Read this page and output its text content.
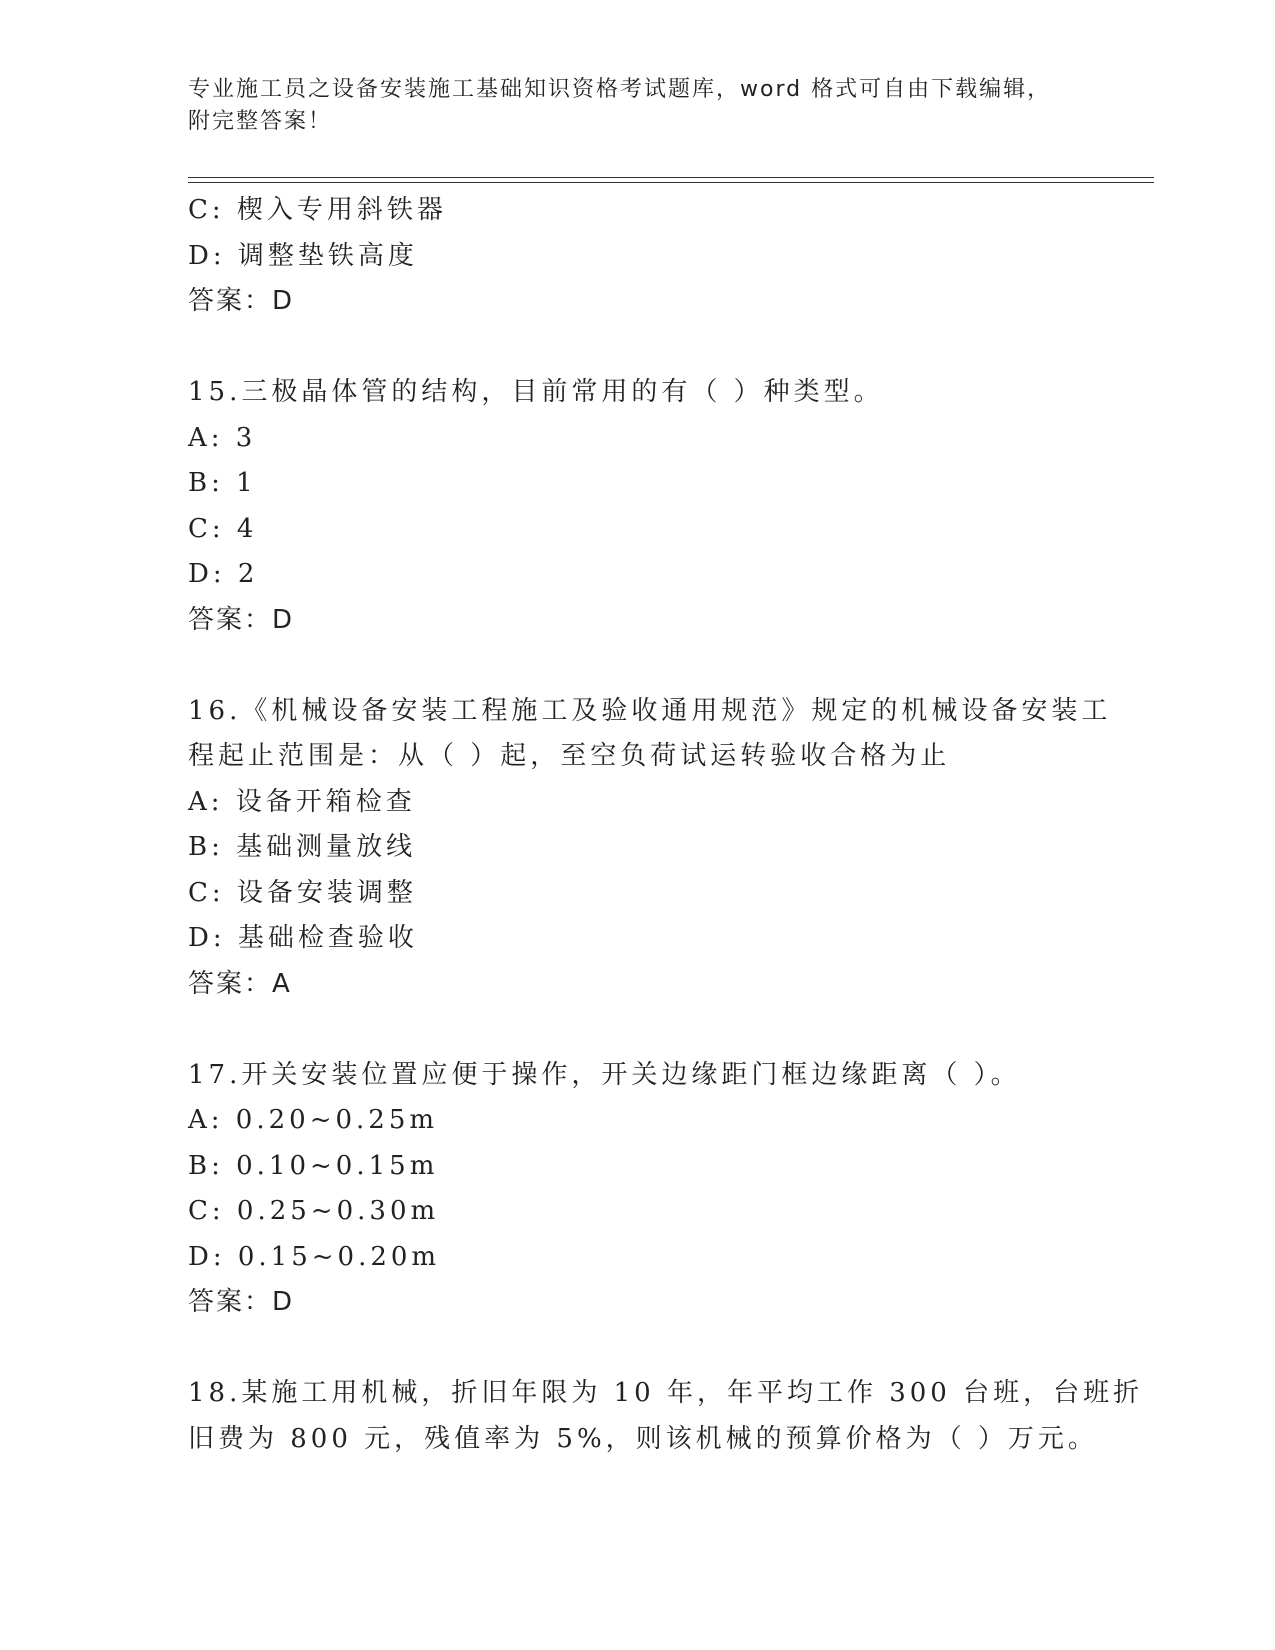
专业施工员之设备安装施工基础知识资格考试题库，word 格式可自由下载编辑，
附完整答案！
C: 楔入专用斜铁器
D: 调整垫铁高度
答案：D
15.三极晶体管的结构，目前常用的有（ ）种类型。
A: 3
B: 1
C: 4
D: 2
答案：D
16.《机械设备安装工程施工及验收通用规范》规定的机械设备安装工
程起止范围是：从（ ）起，至空负荷试运转验收合格为止
A: 设备开箱检查
B: 基础测量放线
C: 设备安装调整
D: 基础检查验收
答案：A
17.开关安装位置应便于操作，开关边缘距门框边缘距离（ ）。
A: 0.20~0.25m
B: 0.10~0.15m
C: 0.25~0.30m
D: 0.15~0.20m
答案：D
18.某施工用机械，折旧年限为 10 年，年平均工作 300 台班，台班折
旧费为 800 元，残值率为 5%，则该机械的预算价格为（ ）万元。
